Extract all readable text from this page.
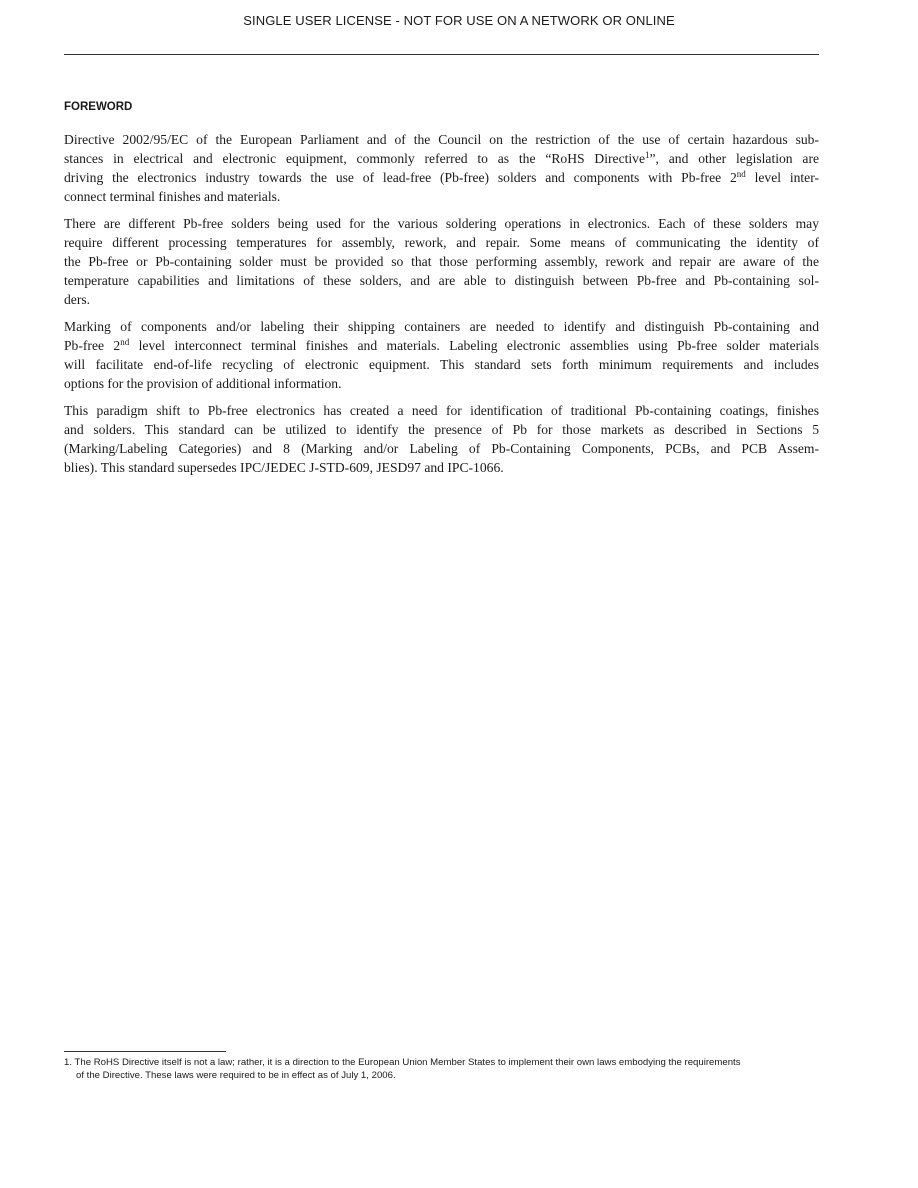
SINGLE USER LICENSE - NOT FOR USE ON A NETWORK OR ONLINE
FOREWORD

Directive 2002/95/EC of the European Parliament and of the Council on the restriction of the use of certain hazardous sub-
stances in electrical and electronic equipment, commonly referred to as the “RoHS Directive$^1$”, and other legislation are
driving the electronics industry towards the use of lead-free (Pb-free) solders and components with Pb-free 2nd level inter-
connect terminal finishes and materials.

There are different Pb-free solders being used for the various soldering operations in electronics. Each of these solders may
require different processing temperatures for assembly, rework, and repair. Some means of communicating the identity of
the Pb-free or Pb-containing solder must be provided so that those performing assembly, rework and repair are aware of the
temperature capabilities and limitations of these solders, and are able to distinguish between Pb-free and Pb-containing sol-
ders.

Marking of components and/or labeling their shipping containers are needed to identify and distinguish Pb-containing and
Pb-free 2nd level interconnect terminal finishes and materials. Labeling electronic assemblies using Pb-free solder materials
will facilitate end-of-life recycling of electronic equipment. This standard sets forth minimum requirements and includes
options for the provision of additional information.

This paradigm shift to Pb-free electronics has created a need for identification of traditional Pb-containing coatings, finishes
and solders. This standard can be utilized to identify the presence of Pb for those markets as described in Sections 5
(Marking/Labeling Categories) and 8 (Marking and/or Labeling of Pb-Containing Components, PCBs, and PCB Assem-
blies). This standard supersedes IPC/JEDEC J-STD-609, JESD97 and IPC-1066.

1. The RoHS Directive itself is not a law; rather, it is a direction to the European Union Member States to implement their own laws embodying the requirements
of the Directive. These laws were required to be in effect as of July 1, 2006.
